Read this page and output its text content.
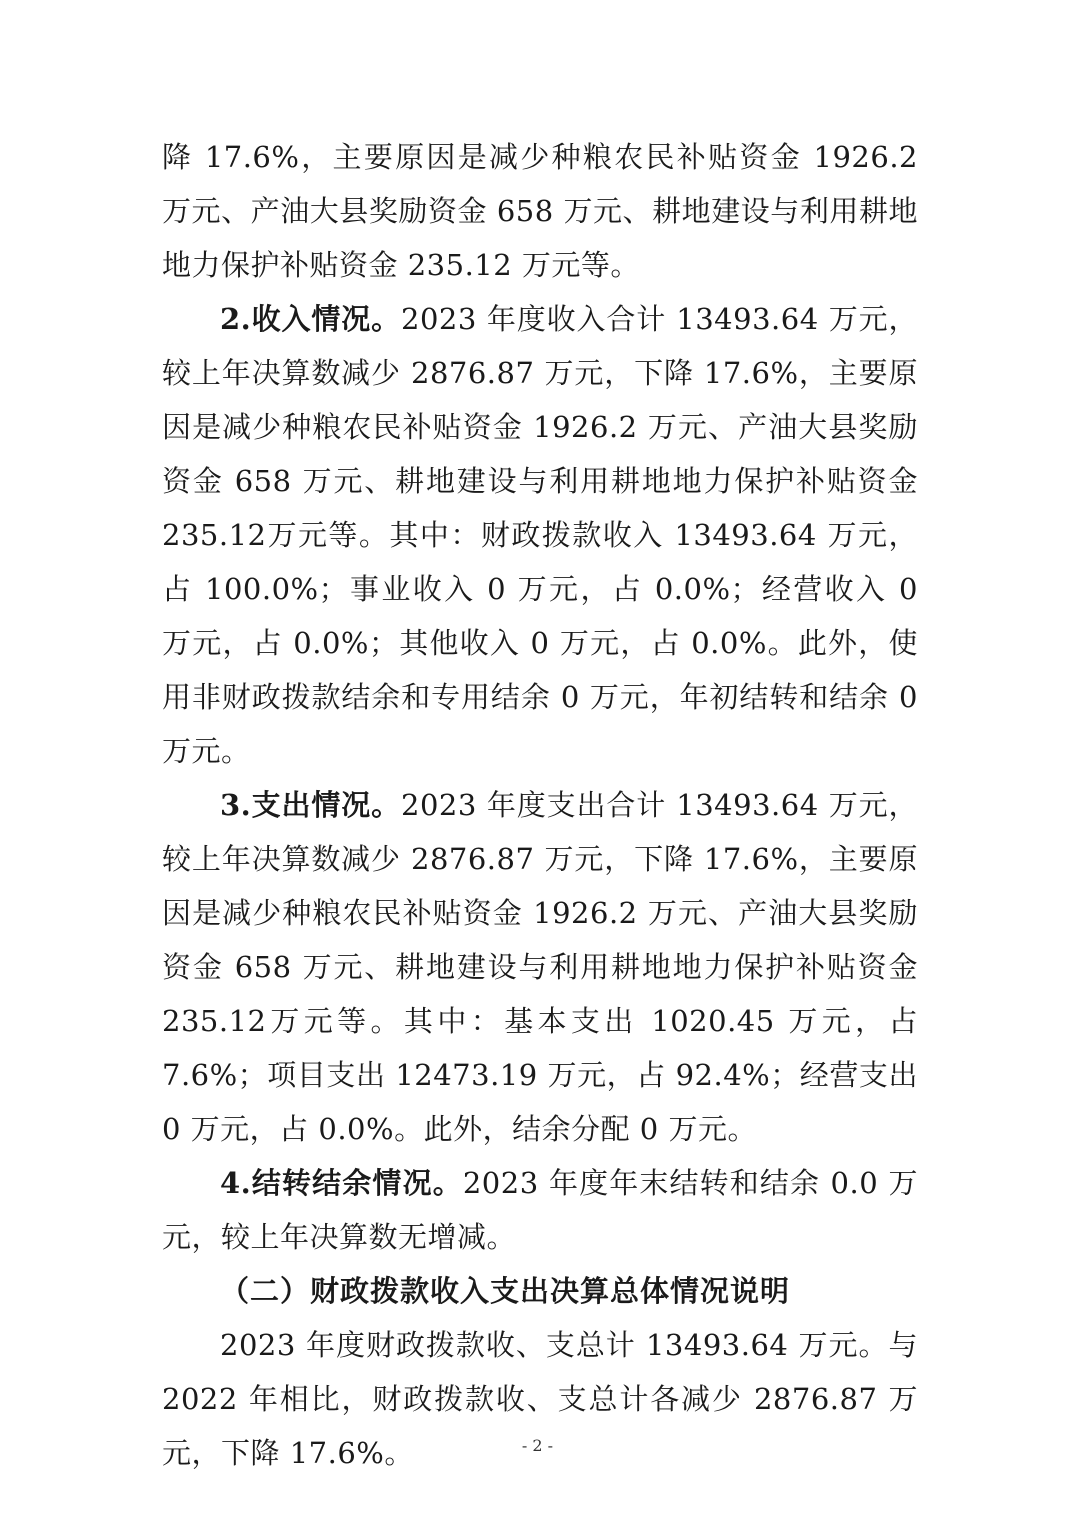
降 17.6%，主要原因是减少种粮农民补贴资金 1926.2 万元、产油大县奖励资金 658 万元、耕地建设与利用耕地地力保护补贴资金 235.12 万元等。

2.收入情况。2023 年度收入合计 13493.64 万元，较上年决算数减少 2876.87 万元，下降 17.6%，主要原因是减少种粮农民补贴资金 1926.2 万元、产油大县奖励资金 658 万元、耕地建设与利用耕地地力保护补贴资金235.12万元等。其中：财政拨款收入 13493.64 万元，占 100.0%；事业收入 0 万元，占 0.0%；经营收入 0 万元，占 0.0%；其他收入 0 万元，占 0.0%。此外，使用非财政拨款结余和专用结余 0 万元，年初结转和结余 0 万元。

3.支出情况。2023 年度支出合计 13493.64 万元，较上年决算数减少 2876.87 万元，下降 17.6%，主要原因是减少种粮农民补贴资金 1926.2 万元、产油大县奖励资金 658 万元、耕地建设与利用耕地地力保护补贴资金235.12万元等。其中：基本支出 1020.45 万元，占 7.6%；项目支出 12473.19 万元，占 92.4%；经营支出 0 万元，占 0.0%。此外，结余分配 0 万元。

4.结转结余情况。2023 年度年末结转和结余 0.0 万元，较上年决算数无增减。

（二）财政拨款收入支出决算总体情况说明

2023 年度财政拨款收、支总计 13493.64 万元。与 2022 年相比，财政拨款收、支总计各减少 2876.87 万元，下降 17.6%。	- 2 -
